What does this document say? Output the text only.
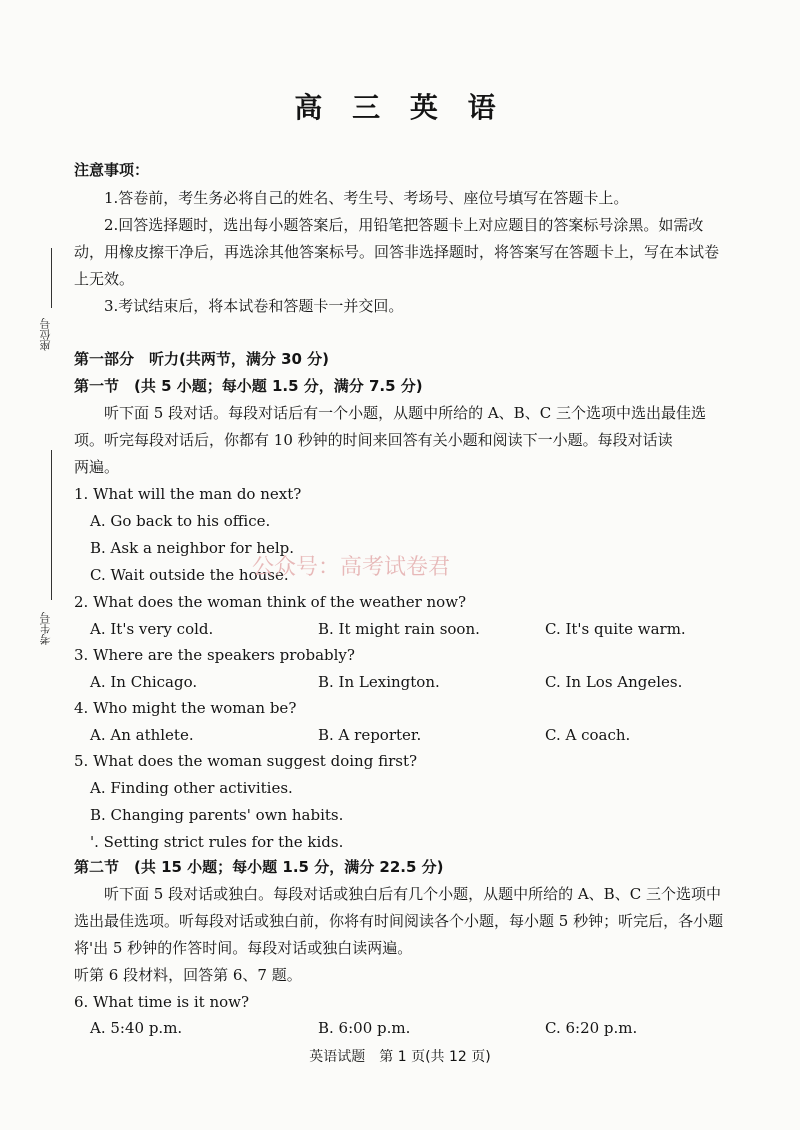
高 三 英 语
注意事项：
1.答卷前，考生务必将自己的姓名、考生号、考场号、座位号填写在答题卡上。
2.回答选择题时，选出每小题答案后，用铅笔把答题卡上对应题目的答案标号涂黑。如需改
动，用橡皮擦干净后，再选涂其他答案标号。回答非选择题时，将答案写在答题卡上，写在本试卷
上无效。
3.考试结束后，将本试卷和答题卡一并交回。
座位号
考生号
第一部分　听力(共两节，满分 30 分)
第一节　(共 5 小题；每小题 1.5 分，满分 7.5 分)
听下面 5 段对话。每段对话后有一个小题，从题中所给的 A、B、C 三个选项中选出最佳选
项。听完每段对话后，你都有 10 秒钟的时间来回答有关小题和阅读下一小题。每段对话读
两遍。
1. What will the man do next?
A. Go back to his office.
B. Ask a neighbor for help.
C. Wait outside the house.
公众号：高考试卷君
2. What does the woman think of the weather now?
A. It's very cold.	B. It might rain soon.	C. It's quite warm.
3. Where are the speakers probably?
A. In Chicago.	B. In Lexington.	C. In Los Angeles.
4. Who might the woman be?
A. An athlete.	B. A reporter.	C. A coach.
5. What does the woman suggest doing first?
A. Finding other activities.
B. Changing parents' own habits.
'. Setting strict rules for the kids.
第二节　(共 15 小题；每小题 1.5 分，满分 22.5 分)
听下面 5 段对话或独白。每段对话或独白后有几个小题，从题中所给的 A、B、C 三个选项中
选出最佳选项。听每段对话或独白前，你将有时间阅读各个小题，每小题 5 秒钟；听完后，各小题
将'出 5 秒钟的作答时间。每段对话或独白读两遍。
听第 6 段材料，回答第 6、7 题。
6. What time is it now?
A. 5:40 p.m.	B. 6:00 p.m.	C. 6:20 p.m.
英语试题　第 1 页(共 12 页)
